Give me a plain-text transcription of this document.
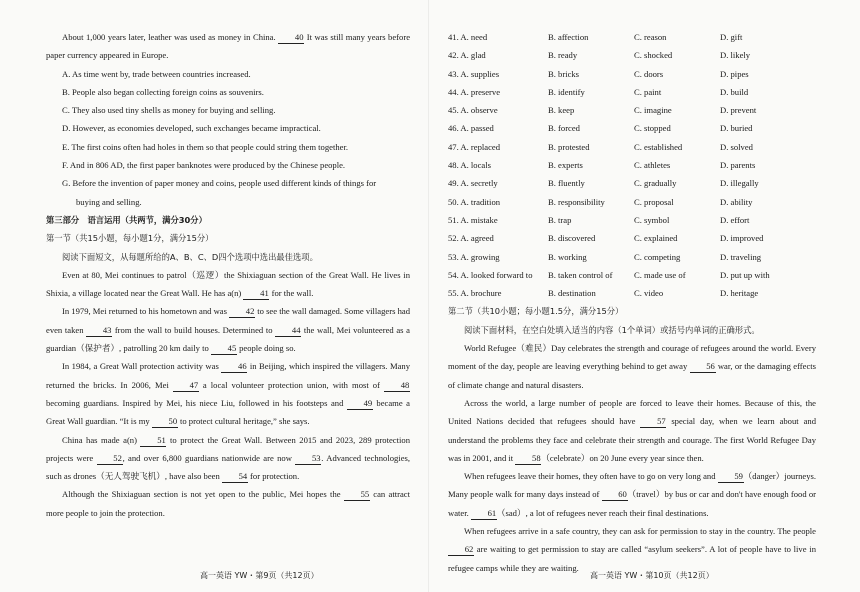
About 1,000 years later, leather was used as money in China. 40 It was still many years before paper currency appeared in Europe.
A. As time went by, trade between countries increased.
B. People also began collecting foreign coins as souvenirs.
C. They also used tiny shells as money for buying and selling.
D. However, as economies developed, such exchanges became impractical.
E. The first coins often had holes in them so that people could string them together.
F. And in 806 AD, the first paper banknotes were produced by the Chinese people.
G. Before the invention of paper money and coins, people used different kinds of things for
buying and selling.
第三部分　语言运用（共两节，满分30分）
第一节（共15小题，每小题1分，满分15分）
阅读下面短文，从每题所给的A、B、C、D四个选项中选出最佳选项。
Even at 80, Mei continues to patrol（巡逻）the Shixiaguan section of the Great Wall. He lives in Shixia, a village located near the Great Wall. He has a(n) 41 for the wall.
In 1979, Mei returned to his hometown and was 42 to see the wall damaged. Some villagers had even taken 43 from the wall to build houses. Determined to 44 the wall, Mei volunteered as a guardian（保护者）, patrolling 20 km daily to 45 people doing so.
In 1984, a Great Wall protection activity was 46 in Beijing, which inspired the villagers. Many returned the bricks. In 2006, Mei 47 a local volunteer protection union, with most of 48 becoming guardians. Inspired by Mei, his niece Liu, followed in his footsteps and 49 became a Great Wall guardian. “It is my 50 to protect cultural heritage,” she says.
China has made a(n) 51 to protect the Great Wall. Between 2015 and 2023, 289 protection projects were 52, and over 6,800 guardians nationwide are now 53. Advanced technologies, such as drones（无人驾驶飞机）, have also been 54 for protection.
Although the Shixiaguan section is not yet open to the public, Mei hopes the 55 can attract more people to join the protection.
41. A. need	B. affection	C. reason	D. gift
42. A. glad	B. ready	C. shocked	D. likely
43. A. supplies	B. bricks	C. doors	D. pipes
44. A. preserve	B. identify	C. paint	D. build
45. A. observe	B. keep	C. imagine	D. prevent
46. A. passed	B. forced	C. stopped	D. buried
47. A. replaced	B. protested	C. established	D. solved
48. A. locals	B. experts	C. athletes	D. parents
49. A. secretly	B. fluently	C. gradually	D. illegally
50. A. tradition	B. responsibility	C. proposal	D. ability
51. A. mistake	B. trap	C. symbol	D. effort
52. A. agreed	B. discovered	C. explained	D. improved
53. A. growing	B. working	C. competing	D. traveling
54. A. looked forward to	B. taken control of	C. made use of	D. put up with
55. A. brochure	B. destination	C. video	D. heritage
第二节（共10小题；每小题1.5分，满分15分）
阅读下面材料，在空白处填入适当的内容（1个单词）或括号内单词的正确形式。
World Refugee（难民）Day celebrates the strength and courage of refugees around the world. Every moment of the day, people are leaving everything behind to get away 56 war, or the damaging effects of climate change and natural disasters.
Across the world, a large number of people are forced to leave their homes. Because of this, the United Nations decided that refugees should have 57 special day, when we learn about and understand the problems they face and celebrate their strength and courage. The first World Refugee Day was in 2001, and it 58（celebrate）on 20 June every year since then.
When refugees leave their homes, they often have to go on very long and 59（danger）journeys. Many people walk for many days instead of 60（travel）by bus or car and don't have enough food or water. 61（sad）, a lot of refugees never reach their final destinations.
When refugees arrive in a safe country, they can ask for permission to stay in the country. The people 62 are waiting to get permission to stay are called “asylum seekers”. A lot of people have to live in refugee camps while they are waiting.
高一英语 YW・第9页（共12页）	高一英语 YW・第10页（共12页）
